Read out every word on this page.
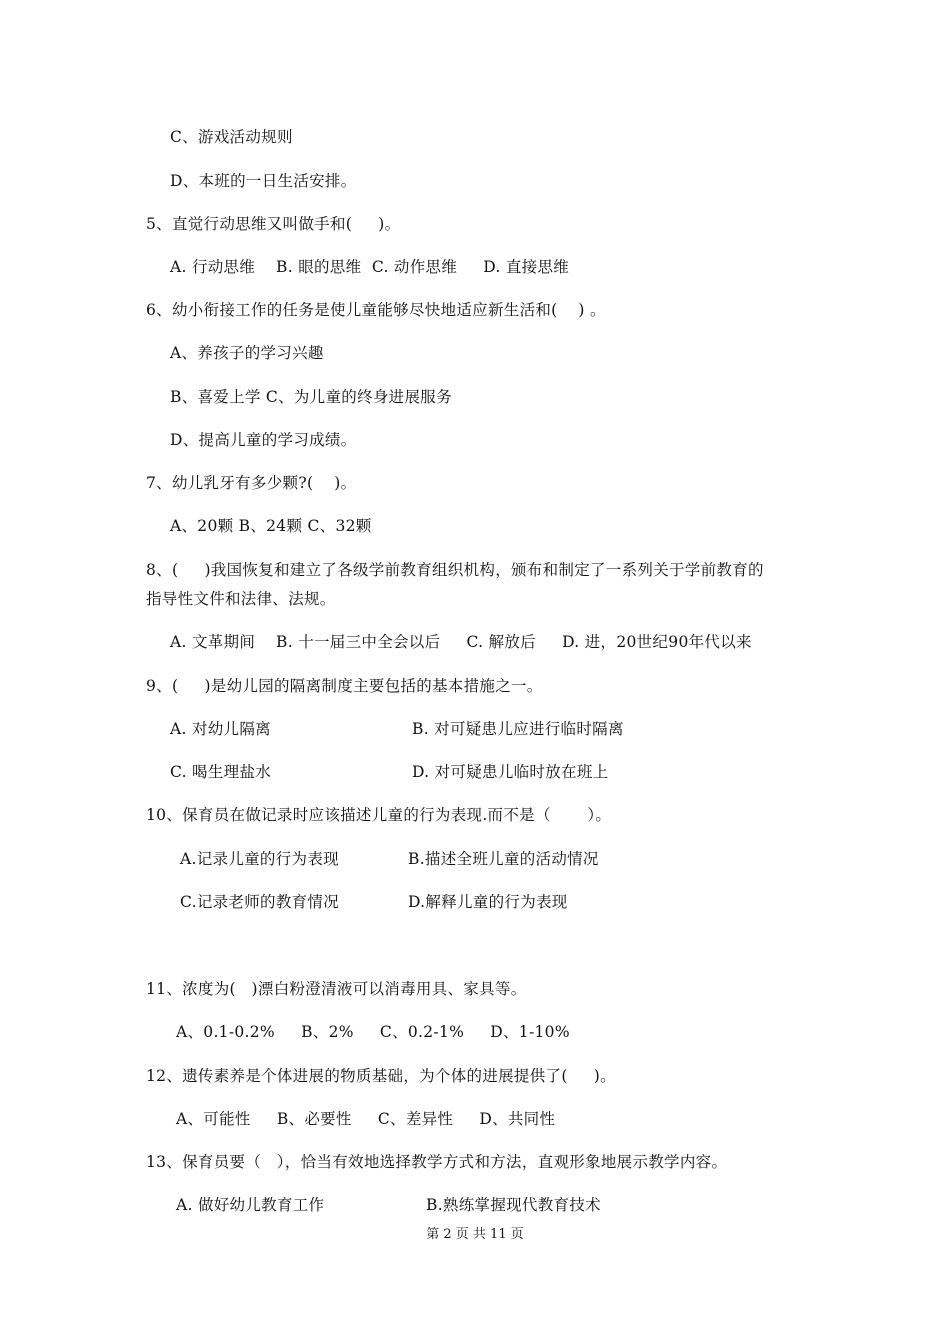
C、游戏活动规则
D、本班的一日生活安排。
5、直觉行动思维又叫做手和(     )。
A. 行动思维    B. 眼的思维  C. 动作思维     D. 直接思维
6、幼小衔接工作的任务是使儿童能够尽快地适应新生活和(    ) 。
A、养孩子的学习兴趣
B、喜爱上学 C、为儿童的终身进展服务
D、提高儿童的学习成绩。
7、幼儿乳牙有多少颗?(    )。
A、20颗 B、24颗 C、32颗
8、(     )我国恢复和建立了各级学前教育组织机构，颁布和制定了一系列关于学前教育的
指导性文件和法律、法规。
A. 文革期间    B. 十一届三中全会以后     C. 解放后     D. 进，20世纪90年代以来
9、(     )是幼儿园的隔离制度主要包括的基本措施之一。
A. 对幼儿隔离	B. 对可疑患儿应进行临时隔离
C. 喝生理盐水	D. 对可疑患儿临时放在班上
10、保育员在做记录时应该描述儿童的行为表现.而不是（       ）。
A.记录儿童的行为表现	B.描述全班儿童的活动情况
C.记录老师的教育情况	D.解释儿童的行为表现
11、浓度为(   )漂白粉澄清液可以消毒用具、家具等。
A、0.1-0.2%     B、2%     C、0.2-1%     D、1-10%
12、遗传素养是个体进展的物质基础，为个体的进展提供了(     )。
A、可能性     B、必要性     C、差异性     D、共同性
13、保育员要（   ），恰当有效地选择教学方式和方法，直观形象地展示教学内容。
A. 做好幼儿教育工作	B.熟练掌握现代教育技术
第 2 页 共 11 页
